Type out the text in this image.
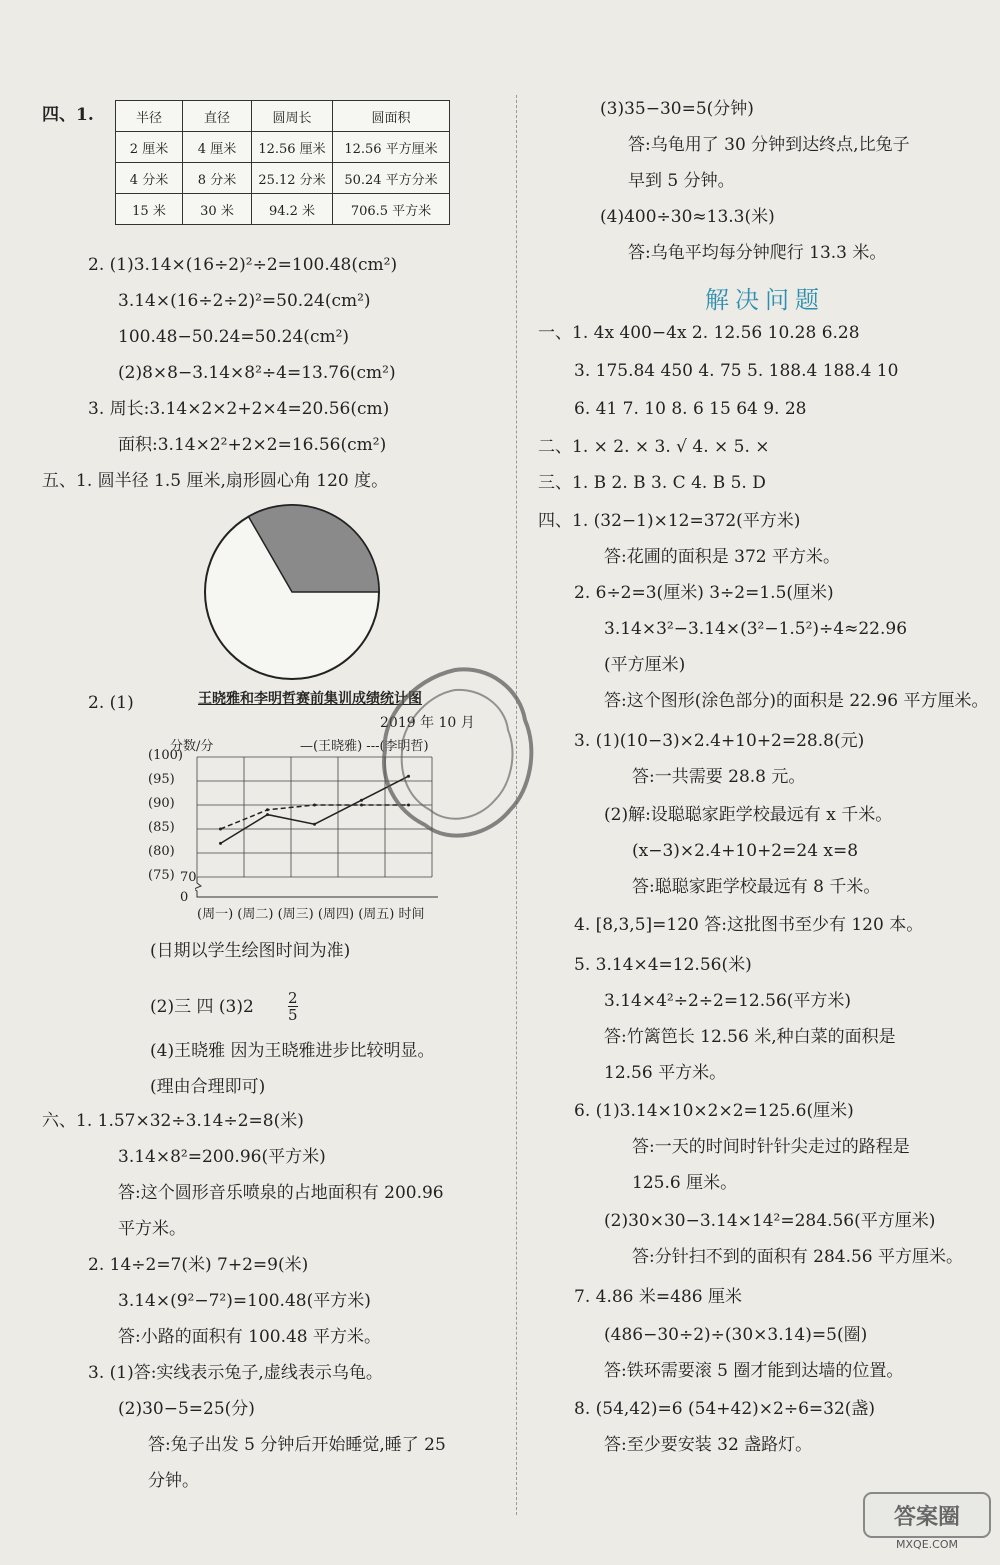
四、1.
2. (1)3.14×(16÷2)²÷2=100.48(cm²)
3.14×(16÷2÷2)²=50.24(cm²)
100.48−50.24=50.24(cm²)
(2)8×8−3.14×8²÷4=13.76(cm²)
3. 周长:3.14×2×2+2×4=20.56(cm)
面积:3.14×2²+2×2=16.56(cm²)
五、1. 圆半径 1.5 厘米,扇形圆心角 120 度。
2. (1)
(日期以学生绘图时间为准)
(2)三 四 (3)2
(4)王晓雅 因为王晓雅进步比较明显。
(理由合理即可)
六、1. 1.57×32÷3.14÷2=8(米)
3.14×8²=200.96(平方米)
答:这个圆形音乐喷泉的占地面积有 200.96
平方米。
2. 14÷2=7(米) 7+2=9(米)
3.14×(9²−7²)=100.48(平方米)
答:小路的面积有 100.48 平方米。
3. (1)答:实线表示兔子,虚线表示乌龟。
(2)30−5=25(分)
答:兔子出发 5 分钟后开始睡觉,睡了 25
分钟。
(3)35−30=5(分钟)
答:乌龟用了 30 分钟到达终点,比兔子
早到 5 分钟。
(4)400÷30≈13.3(米)
答:乌龟平均每分钟爬行 13.3 米。
一、1. 4x 400−4x 2. 12.56 10.28 6.28
3. 175.84 450 4. 75 5. 188.4 188.4 10
6. 41 7. 10 8. 6 15 64 9. 28
二、1. × 2. × 3. √ 4. × 5. ×
三、1. B 2. B 3. C 4. B 5. D
四、1. (32−1)×12=372(平方米)
答:花圃的面积是 372 平方米。
2. 6÷2=3(厘米) 3÷2=1.5(厘米)
3.14×3²−3.14×(3²−1.5²)÷4≈22.96
(平方厘米)
答:这个图形(涂色部分)的面积是 22.96 平方厘米。
3. (1)(10−3)×2.4+10+2=28.8(元)
答:一共需要 28.8 元。
(2)解:设聪聪家距学校最远有 x 千米。
(x−3)×2.4+10+2=24 x=8
答:聪聪家距学校最远有 8 千米。
4. [8,3,5]=120 答:这批图书至少有 120 本。
5. 3.14×4=12.56(米)
3.14×4²÷2÷2=12.56(平方米)
答:竹篱笆长 12.56 米,种白菜的面积是
12.56 平方米。
6. (1)3.14×10×2×2=125.6(厘米)
答:一天的时间时针针尖走过的路程是
125.6 厘米。
(2)30×30−3.14×14²=284.56(平方厘米)
答:分针扫不到的面积有 284.56 平方厘米。
7. 4.86 米=486 厘米
(486−30÷2)÷(30×3.14)=5(圈)
答:铁环需要滚 5 圈才能到达墙的位置。
8. (54,42)=6 (54+42)×2÷6=32(盏)
答:至少要安装 32 盏路灯。
半径	直径	圆周长	圆面积
2 厘米	4 厘米	12.56 厘米	12.56 平方厘米
4 分米	8 分米	25.12 分米	50.24 平方分米
15 米	30 米	94.2 米	706.5 平方米
王晓雅和李明哲赛前集训成绩统计图
2019 年 10 月
分数/分	—(王晓雅) ---(李明哲)
(100)
(95)
(90)
(85)
(80)
(75) 70
0
(周一) (周二) (周三) (周四) (周五) 时间
$\frac{2}{5}$
解决问题
答案圈
MXQE.COM
